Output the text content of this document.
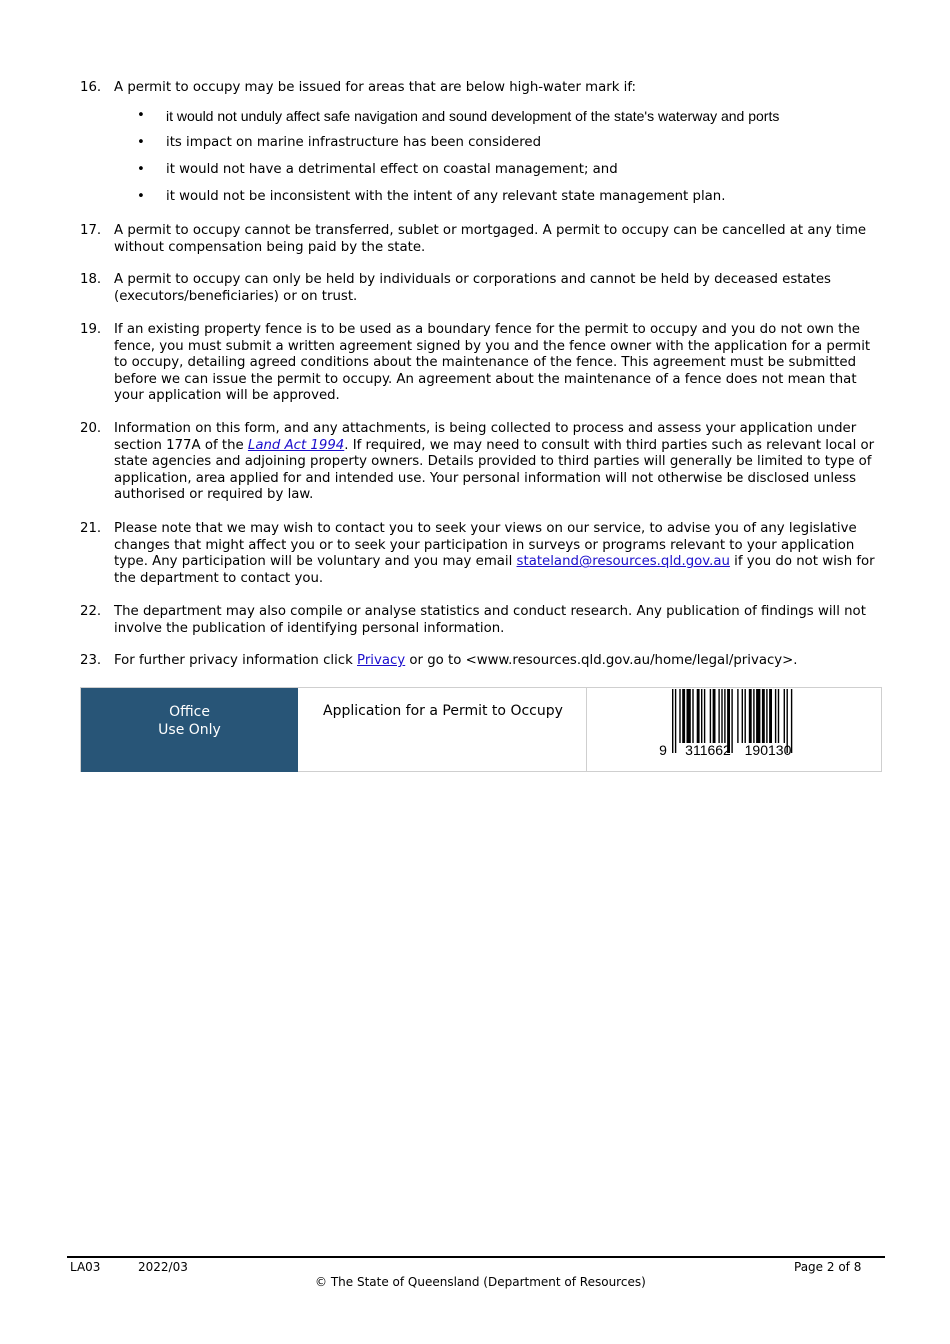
16. A permit to occupy may be issued for areas that are below high-water mark if:
• it would not unduly affect safe navigation and sound development of the state's waterway and ports
• its impact on marine infrastructure has been considered
• it would not have a detrimental effect on coastal management; and
• it would not be inconsistent with the intent of any relevant state management plan.
17. A permit to occupy cannot be transferred, sublet or mortgaged. A permit to occupy can be cancelled at any time without compensation being paid by the state.
18. A permit to occupy can only be held by individuals or corporations and cannot be held by deceased estates (executors/beneficiaries) or on trust.
19. If an existing property fence is to be used as a boundary fence for the permit to occupy and you do not own the fence, you must submit a written agreement signed by you and the fence owner with the application for a permit to occupy, detailing agreed conditions about the maintenance of the fence. This agreement must be submitted before we can issue the permit to occupy. An agreement about the maintenance of a fence does not mean that your application will be approved.
20. Information on this form, and any attachments, is being collected to process and assess your application under section 177A of the Land Act 1994. If required, we may need to consult with third parties such as relevant local or state agencies and adjoining property owners. Details provided to third parties will generally be limited to type of application, area applied for and intended use. Your personal information will not otherwise be disclosed unless authorised or required by law.
21. Please note that we may wish to contact you to seek your views on our service, to advise you of any legislative changes that might affect you or to seek your participation in surveys or programs relevant to your application type. Any participation will be voluntary and you may email stateland@resources.qld.gov.au if you do not wish for the department to contact you.
22. The department may also compile or analyse statistics and conduct research. Any publication of findings will not involve the publication of identifying personal information.
23. For further privacy information click Privacy or go to <www.resources.qld.gov.au/home/legal/privacy>.
Office
Use Only
Application for a Permit to Occupy
9 311662 190130
LA03	2022/03	Page 2 of 8
© The State of Queensland (Department of Resources)
